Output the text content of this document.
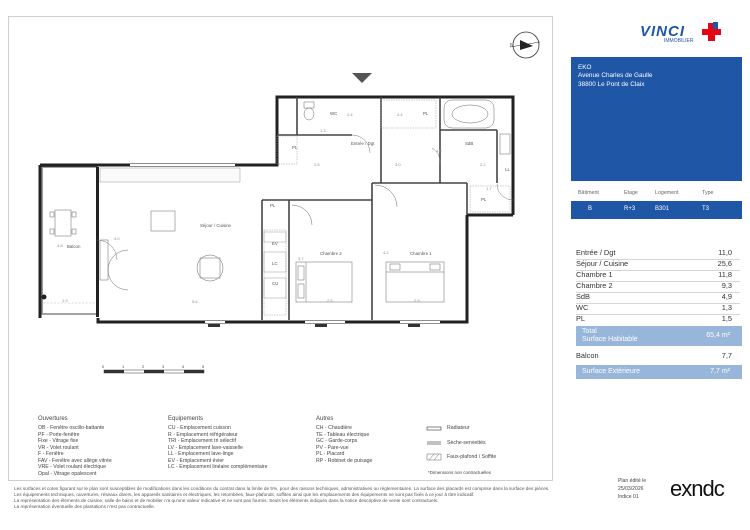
Séjour / Cuisine
Balcon
Chambre 1
Chambre 2
Entrée / Dgt	SdB
WC	PL
PL
PL
PL
LL
EV
LC
CU
1.3
2.6	3.0	2.2
1.7
4.8
4.0
1.9	5.6
3.7
2.5
4.2
2.9
2.4
1.6
2.4
0	1	2	3	4	5
N
Ouvertures
OB - Fenêtre oscillo-battante
PF - Porte-fenêtre
Fixe - Vitrage fixe
VR - Volet roulant
F - Fenêtre
FAV - Fenêtre avec allège vitrée
VRE - Volet roulant électrique
Opal - Vitrage opalescent
Equipements
CU - Emplacement cuisson
R - Emplacement réfrigérateur
TRI - Emplacement tri sélectif
LV - Emplacement lave-vaisselle
LL - Emplacement lave-linge
EV - Emplacement évier
LC - Emplacement linéaire complémentaire
Autres
CH - Chaudière
TE - Tableau électrique
GC - Garde-corps
PV - Pare-vue
PL - Placard
RP - Robinet de puisage
Radiateur
Sèche-serviettés
Faux-plafond / Soffite
*Dimensions non contractuelles
Les surfaces et cotes figurant sur le plan sont susceptibles de modifications dans les conditions du contrat dans la limite de 5%, pour des raisons techniques, administratives ou réglementaires. La surface des placards est comprise dans la surface des pièces.
Les équipements techniques, ouvertures, réseaux divers, les appareils sanitaires et électriques, les retombées, faux-plafonds, soffites ainsi que les emplacements des équipements ne sont pas fixés à ce jour à titre indicatif.
La représentation des éléments de cuisine, salle de bains et de mobilier n'a qu'une valeur indicative et ne sont pas fournis. Seuls les éléments indiqués dans la notice descriptive de vente sont contractuels.
La représentation éventuelle des plantations n'est pas contractuelle.
Plan édité le
25/03/2026
Indice 01 exndc
VINCI
IMMOBILIER
EKO
Avenue Charles de Gaulle
38800 Le Pont de Claix
Bâtiment	Etage	Logement	Type
B	R+3	B301	T3
Entrée / Dgt	11,0
Séjour / Cuisine	25,6
Chambre 1	11,8
Chambre 2	9,3
SdB	4,9
WC	1,3
PL	1,5
Total
Surface Habitable
65,4 m²
Balcon	7,7
Surface Extérieure	7,7 m²
